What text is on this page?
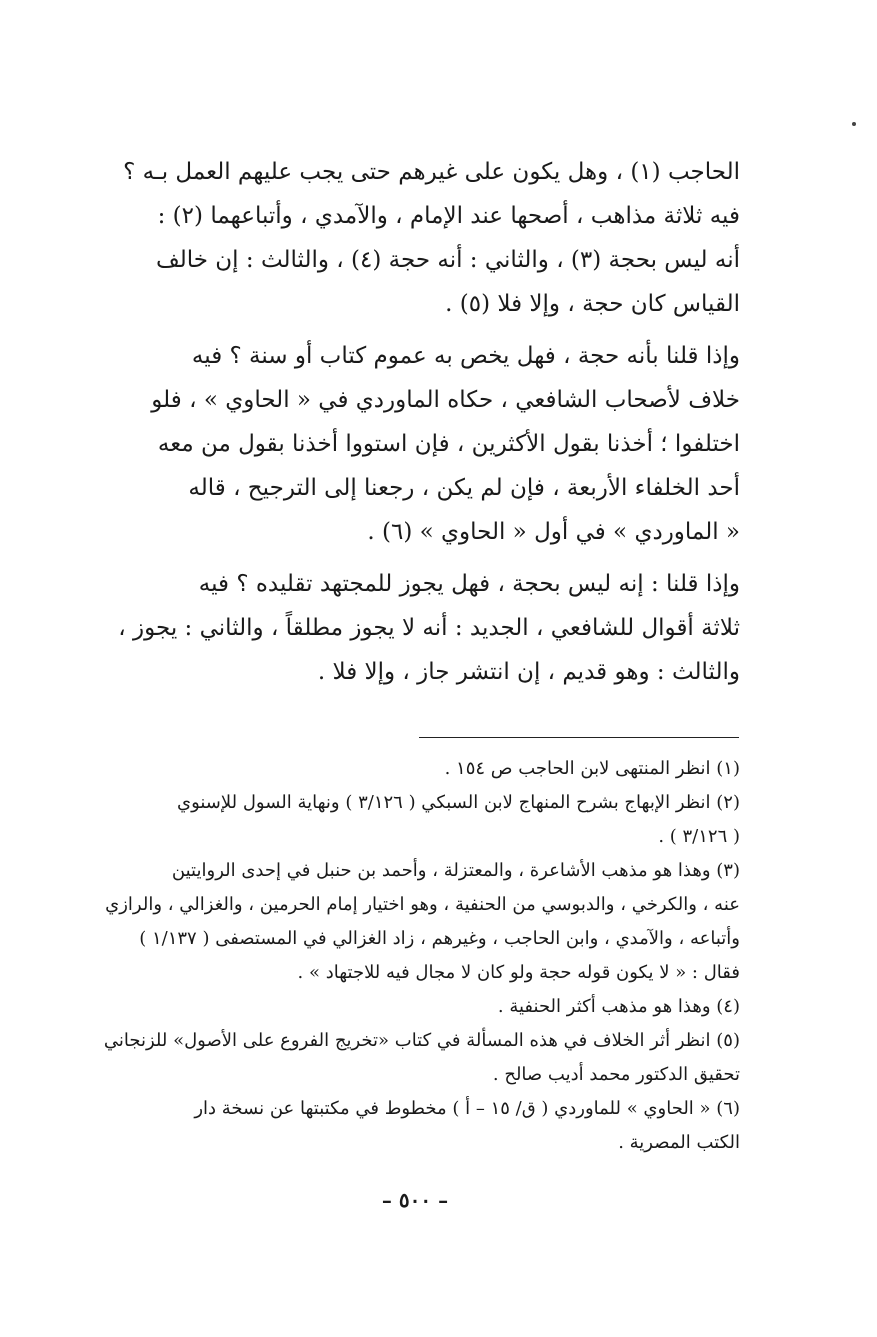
الحاجب (١) ، وهل يكون على غيرهم حتى يجب عليهم العمل بـه ؟
فيه ثلاثة مذاهب ، أصحها عند الإمام ، والآمدي ، وأتباعهما (٢) :
أنه ليس بحجة (٣) ، والثاني : أنه حجة (٤) ، والثالث : إن خالف
القياس كان حجة ، وإلا فلا (٥) .

وإذا قلنا بأنه حجة ، فهل يخص به عموم كتاب أو سنة ؟ فيه
خلاف لأصحاب الشافعي ، حكاه الماوردي في « الحاوي » ، فلو
اختلفوا ؛ أخذنا بقول الأكثرين ، فإن استووا أخذنا بقول من معه
أحد الخلفاء الأربعة ، فإن لم يكن ، رجعنا إلى الترجيح ، قاله
« الماوردي » في أول « الحاوي » (٦) .

وإذا قلنا : إنه ليس بحجة ، فهل يجوز للمجتهد تقليده ؟ فيه
ثلاثة أقوال للشافعي ، الجديد : أنه لا يجوز مطلقاً ، والثاني : يجوز ،
والثالث : وهو قديم ، إن انتشر جاز ، وإلا فلا .

(١) انظر المنتهى لابن الحاجب ص ١٥٤ .
(٢) انظر الإبهاج بشرح المنهاج لابن السبكي ( ٣/١٢٦ ) ونهاية السول للإسنوي
( ٣/١٢٦ ) .
(٣) وهذا هو مذهب الأشاعرة ، والمعتزلة ، وأحمد بن حنبل في إحدى الروايتين
عنه ، والكرخي ، والدبوسي من الحنفية ، وهو اختيار إمام الحرمين ، والغزالي ، والرازي
وأتباعه ، والآمدي ، وابن الحاجب ، وغيرهم ، زاد الغزالي في المستصفى ( ١/١٣٧ )
فقال : « لا يكون قوله حجة ولو كان لا مجال فيه للاجتهاد » .
(٤) وهذا هو مذهب أكثر الحنفية .
(٥) انظر أثر الخلاف في هذه المسألة في كتاب «تخريج الفروع على الأصول» للزنجاني
تحقيق الدكتور محمد أديب صالح .
(٦) « الحاوي » للماوردي ( ق/ ١٥ – أ ) مخطوط في مكتبتها عن نسخة دار
الكتب المصرية .
– ٥٠٠ –
